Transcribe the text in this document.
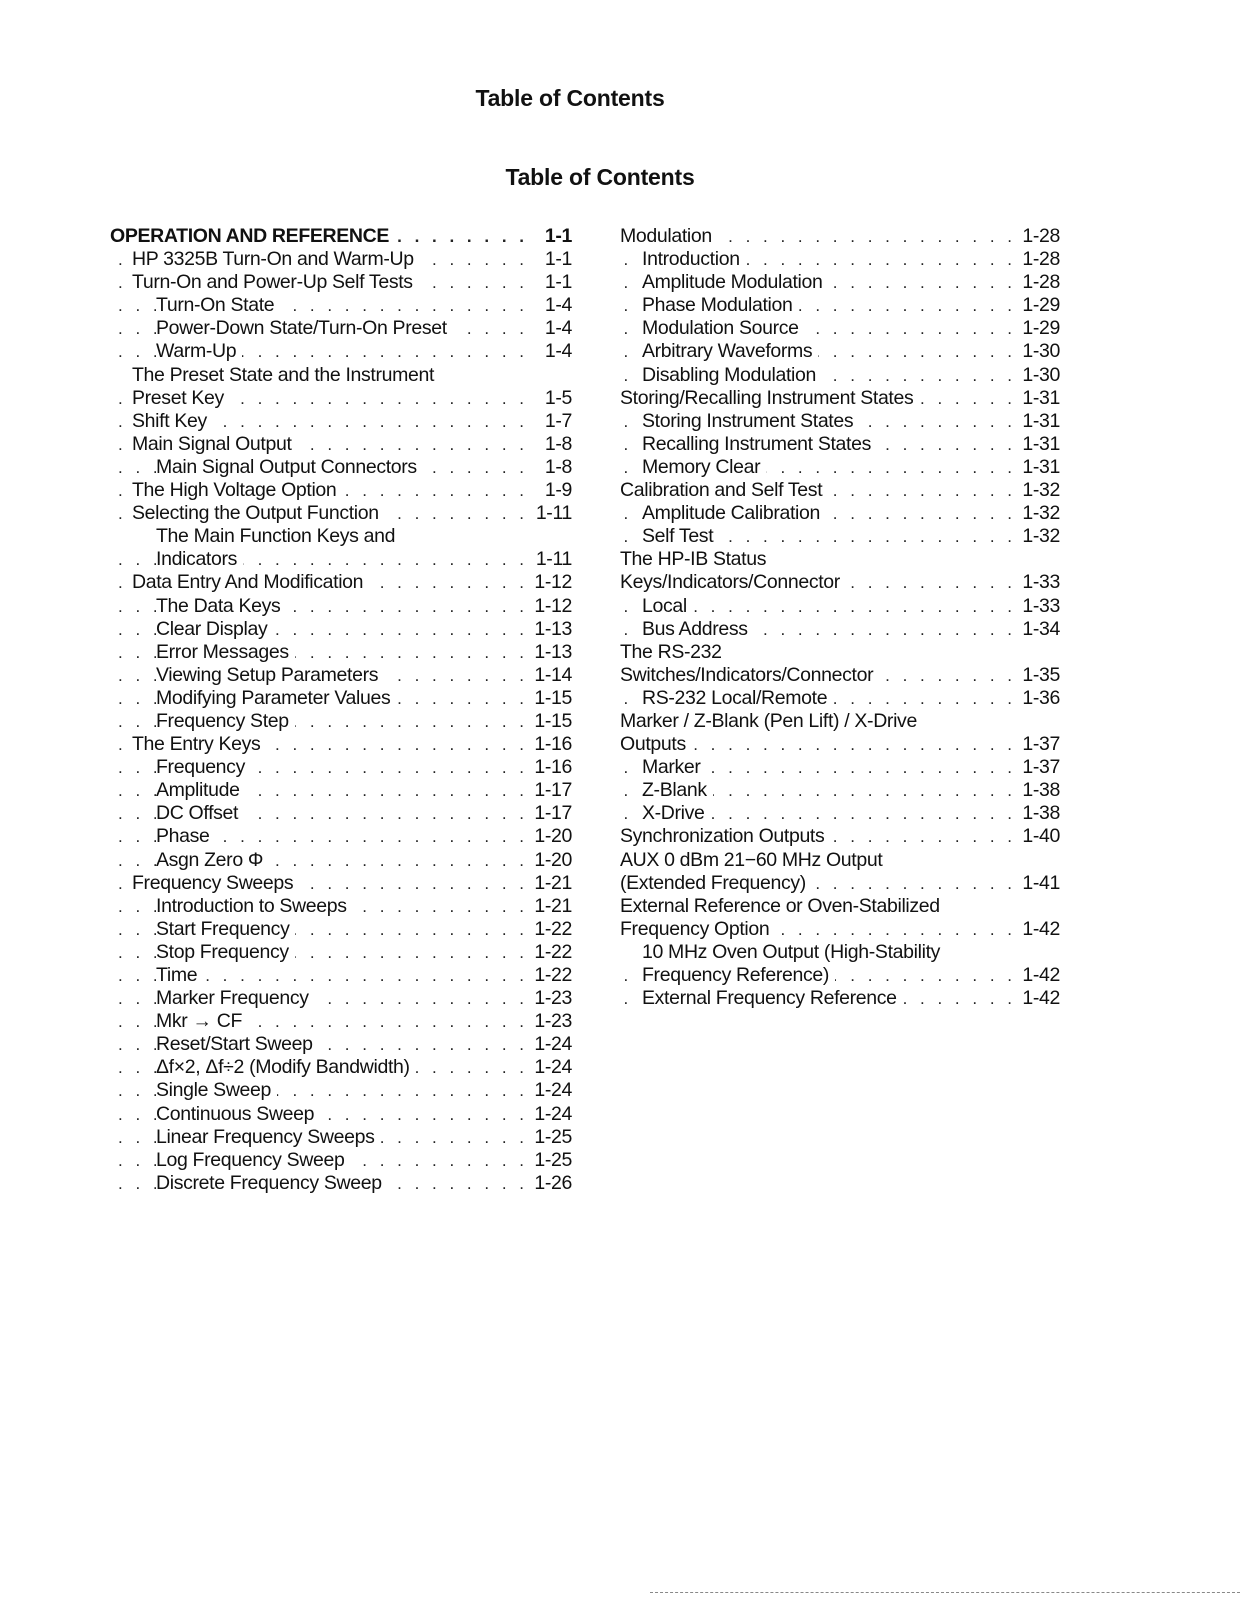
Table of Contents
Table of Contents
. . .
OPERATION AND REFERENCE	1-1
. . .
HP 3325B Turn-On and Warm-Up	1-1
. . .
Turn-On and Power-Up Self Tests	1-1
. . .
Turn-On State	1-4
. . .
Power-Down State/Turn-On Preset	1-4
. . .
Warm-Up	1-4
The Preset State and the Instrument
. . .
Preset Key	1-5
. . .
Shift Key	1-7
. . .
Main Signal Output	1-8
. . .
Main Signal Output Connectors	1-8
. . .
The High Voltage Option	1-9
. . .
Selecting the Output Function	1-11
The Main Function Keys and
. . .
Indicators	1-11
. . .
Data Entry And Modification	1-12
. . .
The Data Keys	1-12
. . .
Clear Display	1-13
. . .
Error Messages	1-13
. . .
Viewing Setup Parameters	1-14
. . .
Modifying Parameter Values	1-15
. . .
Frequency Step	1-15
. . .
The Entry Keys	1-16
. . .
Frequency	1-16
. . .
Amplitude	1-17
. . .
DC Offset	1-17
. . .
Phase	1-20
. . .
Asgn Zero Φ	1-20
. . .
Frequency Sweeps	1-21
. . .
Introduction to Sweeps	1-21
. . .
Start Frequency	1-22
. . .
Stop Frequency	1-22
. . .
Time	1-22
. . .
Marker Frequency	1-23
. . .
Mkr → CF	1-23
. . .
Reset/Start Sweep	1-24
. . .
Δf×2, Δf÷2 (Modify Bandwidth)	1-24
. . .
Single Sweep	1-24
. . .
Continuous Sweep	1-24
. . .
Linear Frequency Sweeps	1-25
. . .
Log Frequency Sweep	1-25
. . .
Discrete Frequency Sweep	1-26
. . .
Modulation	1-28
. . .
Introduction	1-28
. . .
Amplitude Modulation	1-28
. . .
Phase Modulation	1-29
. . .
Modulation Source	1-29
. . .
Arbitrary Waveforms	1-30
. . .
Disabling Modulation	1-30
. . .
Storing/Recalling Instrument States	1-31
. . .
Storing Instrument States	1-31
. . .
Recalling Instrument States	1-31
. . .
Memory Clear	1-31
. . .
Calibration and Self Test	1-32
. . .
Amplitude Calibration	1-32
. . .
Self Test	1-32
The HP-IB Status
. . .
Keys/Indicators/Connector	1-33
. . .
Local	1-33
. . .
Bus Address	1-34
The RS-232
. . .
Switches/Indicators/Connector	1-35
. . .
RS-232 Local/Remote	1-36
Marker / Z-Blank (Pen Lift) / X-Drive
. . .
Outputs	1-37
. . .
Marker	1-37
. . .
Z-Blank	1-38
. . .
X-Drive	1-38
. . .
Synchronization Outputs	1-40
AUX 0 dBm 21−60 MHz Output
. . .
(Extended Frequency)	1-41
External Reference or Oven-Stabilized
. . .
Frequency Option	1-42
10 MHz Oven Output (High-Stability
. . .
Frequency Reference)	1-42
. . .
External Frequency Reference	1-42
